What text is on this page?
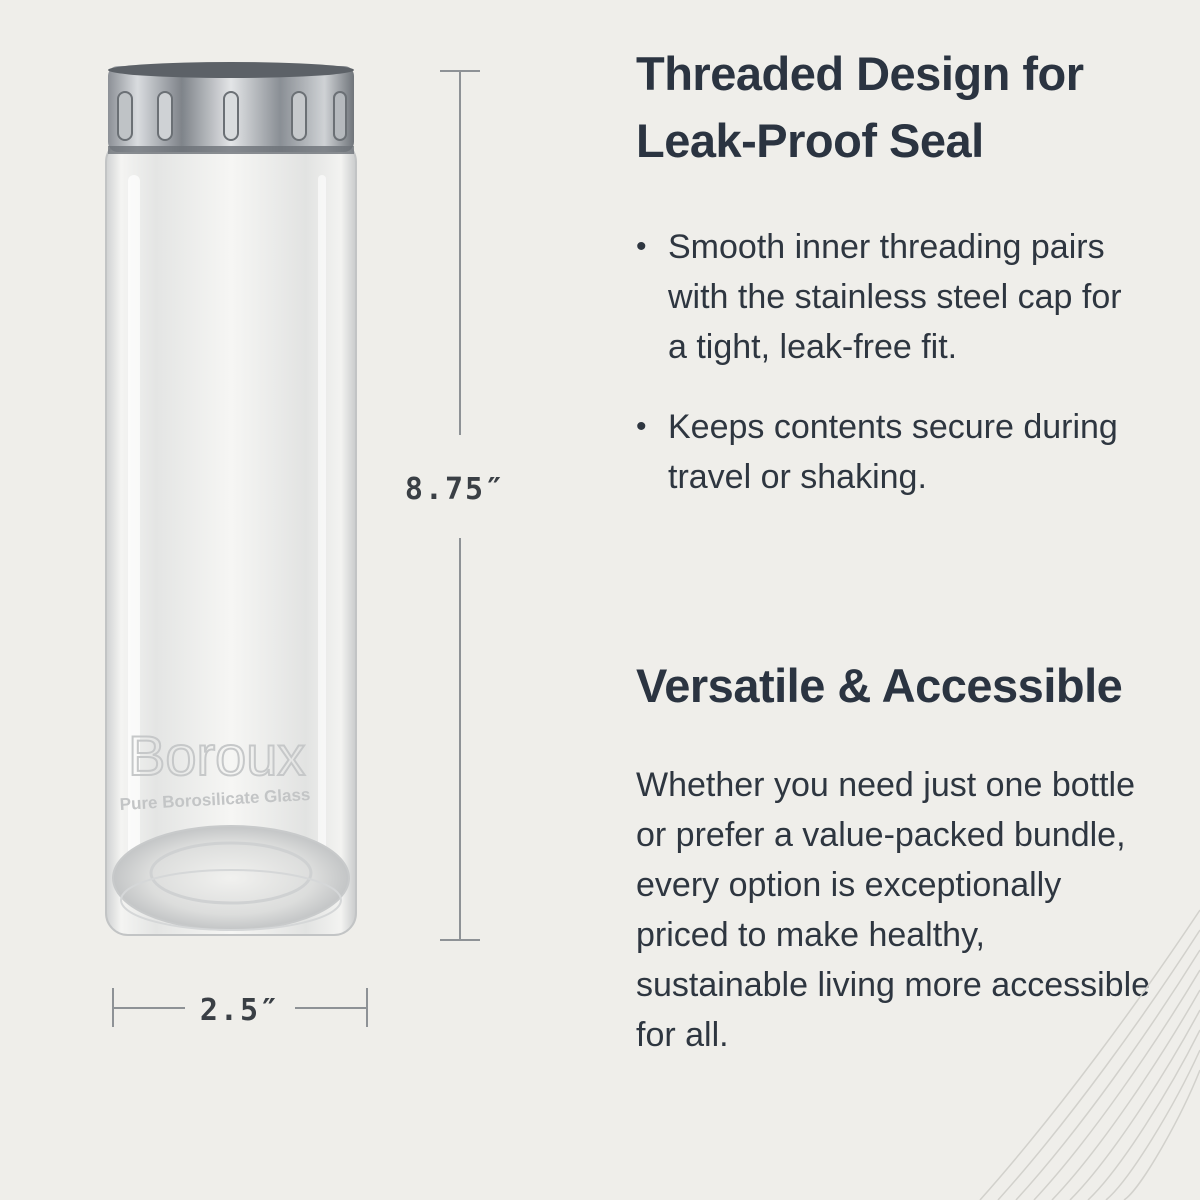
Boroux
Pure Borosilicate Glass
8.75″
2.5″
Threaded Design for Leak-Proof Seal
• Smooth inner threading pairs with the stainless steel cap for a tight, leak-free fit.
• Keeps contents secure during travel or shaking.
Versatile & Accessible

Whether you need just one bottle or prefer a value-packed bundle, every option is exceptionally priced to make healthy, sustainable living more accessible for all.
